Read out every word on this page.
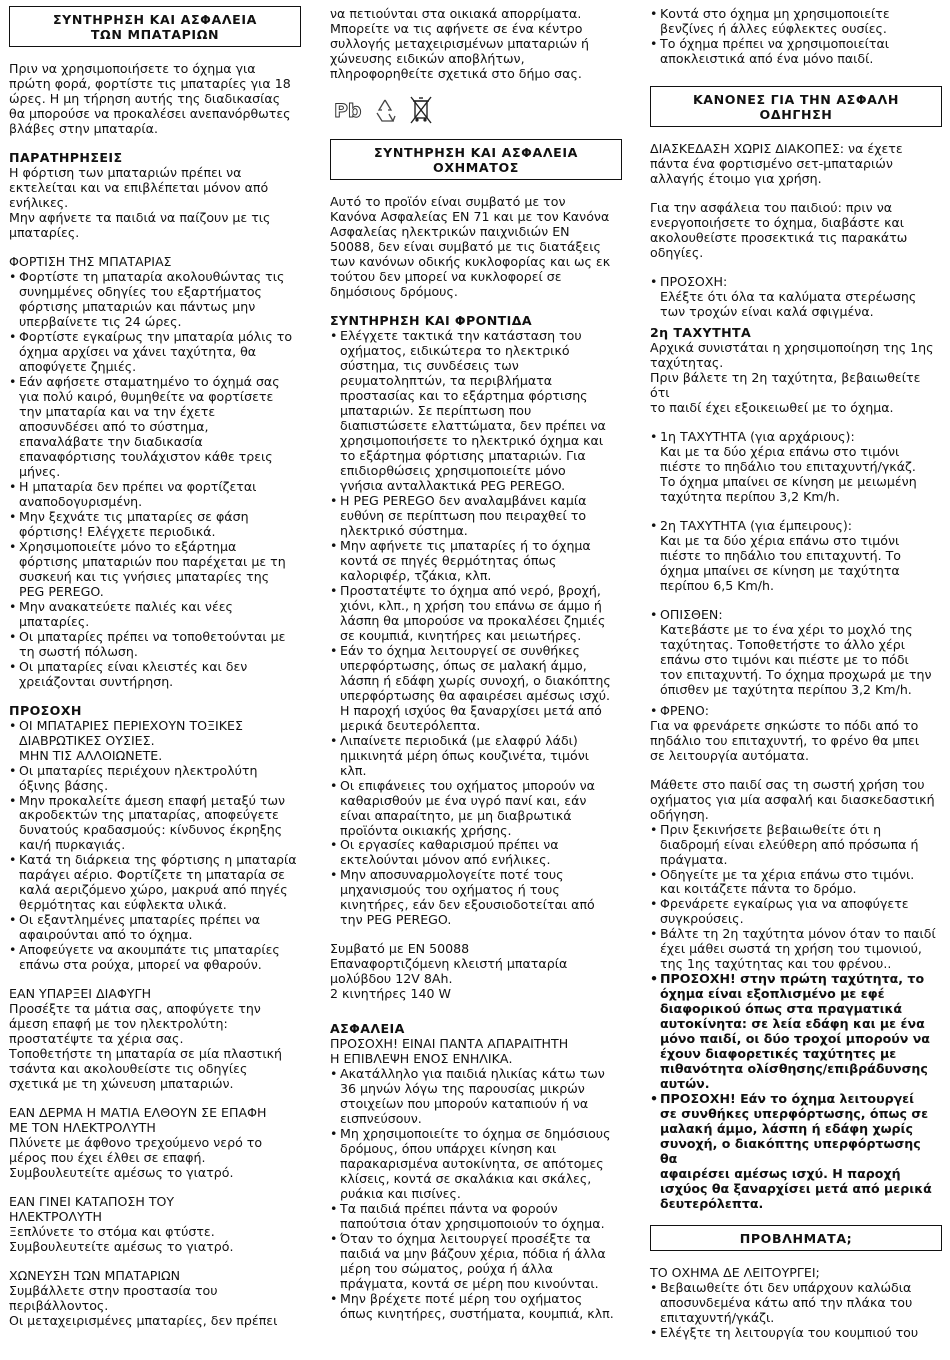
ΣΥΝΤΗΡΗΣΗ ΚΑΙ ΑΣΦΑΛΕΙΑ
ΤΩΝ ΜΠΑΤΑΡΙΩΝ
Πριν να χρησιμοποιήσετε το όχημα για
πρώτη φορά, φορτίστε τις μπαταρίες για 18
ώρες. Η μη τήρηση αυτής της διαδικασίας
θα μπορούσε να προκαλέσει ανεπανόρθωτες
βλάβες στην μπαταρία.
ΠΑΡΑΤΗΡΗΣΕΙΣ
Η φόρτιση των μπαταριών πρέπει να
εκτελείται και να επιβλέπεται μόνον από
ενήλικες.
Μην αφήνετε τα παιδιά να παίζουν με τις
μπαταρίες.
ΦΟΡΤΙΣΗ ΤΗΣ ΜΠΑΤΑΡΙΑΣ
• Φορτίστε τη μπαταρία ακολουθώντας τις
συνημμένες οδηγίες του εξαρτήματος
φόρτισης μπαταριών και πάντως μην
υπερβαίνετε τις 24 ώρες.
• Φορτίστε εγκαίρως την μπαταρία μόλις το
όχημα αρχίσει να χάνει ταχύτητα, θα
αποφύγετε ζημιές.
• Εάν αφήσετε σταματημένο το όχημά σας
για πολύ καιρό, θυμηθείτε να φορτίσετε
την μπαταρία και να την έχετε
αποσυνδέσει από το σύστημα,
επαναλάβατε την διαδικασία
επαναφόρτισης τουλάχιστον κάθε τρεις
μήνες.
• Η μπαταρία δεν πρέπει να φορτίζεται
αναποδογυρισμένη.
• Μην ξεχνάτε τις μπαταρίες σε φάση
φόρτισης! Ελέγχετε περιοδικά.
• Χρησιμοποιείτε μόνο το εξάρτημα
φόρτισης μπαταριών που παρέχεται με τη
συσκευή και τις γνήσιες μπαταρίες της
PEG PEREGO.
• Μην ανακατεύετε παλιές και νέες
μπαταρίες.
• Οι μπαταρίες πρέπει να τοποθετούνται με
τη σωστή πόλωση.
• Οι μπαταρίες είναι κλειστές και δεν
χρειάζονται συντήρηση.
ΠΡΟΣΟΧΗ
• ΟΙ ΜΠΑΤΑΡΙΕΣ ΠΕΡΙΕΧΟΥΝ ΤΟΞΙΚΕΣ
ΔΙΑΒΡΩΤΙΚΕΣ ΟΥΣΙΕΣ.
ΜΗΝ ΤΙΣ ΑΛΛΟΙΩΝΕΤΕ.
• Οι μπαταρίες περιέχουν ηλεκτρολύτη
όξινης βάσης.
• Μην προκαλείτε άμεση επαφή μεταξύ των
ακροδεκτών της μπαταρίας, αποφεύγετε
δυνατούς κραδασμούς: κίνδυνος έκρηξης
και/ή πυρκαγιάς.
• Κατά τη διάρκεια της φόρτισης η μπαταρία
παράγει αέριο. Φορτίζετε τη μπαταρία σε
καλά αεριζόμενο χώρο, μακρυά από πηγές
θερμότητας και εύφλεκτα υλικά.
• Οι εξαντλημένες μπαταρίες πρέπει να
αφαιρούνται από το όχημα.
• Αποφεύγετε να ακουμπάτε τις μπαταρίες
επάνω στα ρούχα, μπορεί να φθαρούν.
ΕΑΝ ΥΠΑΡΞΕΙ ΔΙΑΦΥΓΗ
Προσέξτε τα μάτια σας, αποφύγετε την
άμεση επαφή με τον ηλεκτρολύτη:
προστατέψτε τα χέρια σας.
Τοποθετήστε τη μπαταρία σε μία πλαστική
τσάντα και ακολουθείστε τις οδηγίες
σχετικά με τη χώνευση μπαταριών.
ΕΑΝ ΔΕΡΜΑ Η ΜΑΤΙΑ ΕΛΘΟΥΝ ΣΕ ΕΠΑΦΗ
ΜΕ ΤΟΝ ΗΛΕΚΤΡΟΛΥΤΗ
Πλύνετε με άφθονο τρεχούμενο νερό το
μέρος που έχει έλθει σε επαφή.
Συμβουλευτείτε αμέσως το γιατρό.
ΕΑΝ ΓΙΝΕΙ ΚΑΤΑΠΟΣΗ ΤΟΥ
ΗΛΕΚΤΡΟΛΥΤΗ
Ξεπλύνετε το στόμα και φτύστε.
Συμβουλευτείτε αμέσως το γιατρό.
ΧΩΝΕΥΣΗ ΤΩΝ ΜΠΑΤΑΡΙΩΝ
Συμβάλλετε στην προστασία του
περιβάλλοντος.
Οι μεταχειρισμένες μπαταρίες, δεν πρέπει
να πετιούνται στα οικιακά απορρίματα.
Μπορείτε να τις αφήνετε σε ένα κέντρο
συλλογής μεταχειρισμένων μπαταριών ή
χώνευσης ειδικών αποβλήτων,
πληροφορηθείτε σχετικά στο δήμο σας.
Pb
ΣΥΝΤΗΡΗΣΗ ΚΑΙ ΑΣΦΑΛΕΙΑ
ΟΧΗΜΑΤΟΣ
Αυτό το προϊόν είναι συμβατό με τον
Κανόνα Ασφαλείας EN 71 και με τον Κανόνα
Ασφαλείας ηλεκτρικών παιχνιδιών EN
50088, δεν είναι συμβατό με τις διατάξεις
των κανόνων οδικής κυκλοφορίας και ως εκ
τούτου δεν μπορεί να κυκλοφορεί σε
δημόσιους δρόμους.
ΣΥΝΤΗΡΗΣΗ ΚΑΙ ΦΡΟΝΤΙΔΑ
• Ελέγχετε τακτικά την κατάσταση του
οχήματος, ειδικώτερα το ηλεκτρικό
σύστημα, τις συνδέσεις των
ρευματοληπτών, τα περιβλήματα
προστασίας και το εξάρτημα φόρτισης
μπαταριών. Σε περίπτωση που
διαπιστώσετε ελαττώματα, δεν πρέπει να
χρησιμοποιήσετε το ηλεκτρικό όχημα και
το εξάρτημα φόρτισης μπαταριών. Για
επιδιορθώσεις χρησιμοποιείτε μόνο
γνήσια ανταλλακτικά PEG PEREGO.
• Η PEG PEREGO δεν αναλαμβάνει καμία
ευθύνη σε περίπτωση που πειραχθεί το
ηλεκτρικό σύστημα.
• Μην αφήνετε τις μπαταρίες ή το όχημα
κοντά σε πηγές θερμότητας όπως
καλοριφέρ, τζάκια, κλπ.
• Προστατέψτε το όχημα από νερό, βροχή,
χιόνι, κλπ., η χρήση του επάνω σε άμμο ή
λάσπη θα μπορούσε να προκαλέσει ζημιές
σε κουμπιά, κινητήρες και μειωτήρες.
• Εάν το όχημα λειτουργεί σε συνθήκες
υπερφόρτωσης, όπως σε μαλακή άμμο,
λάσπη ή εδάφη χωρίς συνοχή, ο διακόπτης
υπερφόρτωσης θα αφαιρέσει αμέσως ισχύ.
Η παροχή ισχύος θα ξαναρχίσει μετά από
μερικά δευτερόλεπτα.
• Λιπαίνετε περιοδικά (με ελαφρύ λάδι)
ημικινητά μέρη όπως κουζινέτα, τιμόνι
κλπ.
• Οι επιφάνειες του οχήματος μπορούν να
καθαρισθούν με ένα υγρό πανί και, εάν
είναι απαραίτητο, με μη διαβρωτικά
προϊόντα οικιακής χρήσης.
• Οι εργασίες καθαρισμού πρέπει να
εκτελούνται μόνον από ενήλικες.
• Μην αποσυναρμολογείτε ποτέ τους
μηχανισμούς του οχήματος ή τους
κινητήρες, εάν δεν εξουσιοδοτείται από
την PEG PEREGO.
Συμβατό με EN 50088
Επαναφορτιζόμενη κλειστή μπαταρία
μολύβδου 12V 8Ah.
2 κινητήρες 140 W
ΑΣΦΑΛΕΙΑ
ΠΡΟΣΟΧΗ! ΕΙΝΑΙ ΠΑΝΤΑ ΑΠΑΡΑΙΤΗΤΗ
Η ΕΠΙΒΛΕΨΗ ΕΝΟΣ ΕΝΗΛΙΚΑ.
• Ακατάλληλο για παιδιά ηλικίας κάτω των
36 μηνών λόγω της παρουσίας μικρών
στοιχείων που μπορούν καταπιούν ή να
εισπνεύσουν.
• Μη χρησιμοποιείτε το όχημα σε δημόσιους
δρόμους, όπου υπάρχει κίνηση και
παρακαρισμένα αυτοκίνητα, σε απότομες
κλίσεις, κοντά σε σκαλάκια και σκάλες,
ρυάκια και πισίνες.
• Τα παιδιά πρέπει πάντα να φορούν
παπούτσια όταν χρησιμοποιούν το όχημα.
• Όταν το όχημα λειτουργεί προσέξτε τα
παιδιά να μην βάζουν χέρια, πόδια ή άλλα
μέρη του σώματος, ρούχα ή άλλα
πράγματα, κοντά σε μέρη που κινούνται.
• Μην βρέχετε ποτέ μέρη του οχήματος
όπως κινητήρες, συστήματα, κουμπιά, κλπ.
• Κοντά στο όχημα μη χρησιμοποιείτε
βενζίνες ή άλλες εύφλεκτες ουσίες.
• Το όχημα πρέπει να χρησιμοποιείται
αποκλειστικά από ένα μόνο παιδί.
ΚΑΝΟΝΕΣ ΓΙΑ ΤΗΝ ΑΣΦΑΛΗ
ΟΔΗΓΗΣΗ
ΔΙΑΣΚΕΔΑΣΗ ΧΩΡΙΣ ΔΙΑΚΟΠΕΣ: να έχετε
πάντα ένα φορτισμένο σετ-μπαταριών
αλλαγής έτοιμο για χρήση.
Για την ασφάλεια του παιδιού: πριν να
ενεργοποιήσετε το όχημα, διαβάστε και
ακολουθείστε προσεκτικά τις παρακάτω
οδηγίες.
• ΠΡΟΣΟΧΗ:
Ελέξτε ότι όλα τα καλύματα στερέωσης
των τροχών είναι καλά σφιγμένα.
2η ΤΑΧΥΤΗΤΑ
Αρχικά συνιστάται η χρησιμοποίηση της 1ης
ταχύτητας.
Πριν βάλετε τη 2η ταχύτητα, βεβαιωθείτε ότι
το παιδί έχει εξοικειωθεί με το όχημα.
• 1η ΤΑΧΥΤΗΤΑ (για αρχάριους):
Και με τα δύο χέρια επάνω στο τιμόνι
πιέστε το πηδάλιο του επιταχυντή/γκάζ.
Το όχημα μπαίνει σε κίνηση με μειωμένη
ταχύτητα περίπου 3,2 Km/h.
• 2η ΤΑΧΥΤΗΤΑ (για έμπειρους):
Και με τα δύο χέρια επάνω στο τιμόνι
πιέστε το πηδάλιο του επιταχυντή. Το
όχημα μπαίνει σε κίνηση με ταχύτητα
περίπου 6,5 Km/h.
• ΟΠΙΣΘΕΝ:
Κατεβάστε με το ένα χέρι το μοχλό της
ταχύτητας. Τοποθετήστε το άλλο χέρι
επάνω στο τιμόνι και πιέστε με το πόδι
τον επιταχυντή. Το όχημα προχωρά με την
όπισθεν με ταχύτητα περίπου 3,2 Km/h.
• ΦΡΕΝΟ:
Για να φρενάρετε σηκώστε το πόδι από το
πηδάλιο του επιταχυντή, το φρένο θα μπει
σε λειτουργία αυτόματα.
Μάθετε στο παιδί σας τη σωστή χρήση του
οχήματος για μία ασφαλή και διασκεδαστική
οδήγηση.
• Πριν ξεκινήσετε βεβαιωθείτε ότι η
διαδρομή είναι ελεύθερη από πρόσωπα ή
πράγματα.
• Οδηγείτε με τα χέρια επάνω στο τιμόνι.
και κοιτάζετε πάντα το δρόμο.
• Φρενάρετε εγκαίρως για να αποφύγετε
συγκρούσεις.
• Βάλτε τη 2η ταχύτητα μόνον όταν το παιδί
έχει μάθει σωστά τη χρήση του τιμονιού,
της 1ης ταχύτητας και του φρένου..
• ΠΡΟΣΟΧΗ! στην πρώτη ταχύτητα, το
όχημα είναι εξοπλισμένο με εφέ
διαφορικού όπως στα πραγματικά
αυτοκίνητα: σε λεία εδάφη και με ένα
μόνο παιδί, οι δύο τροχοί μπορούν να
έχουν διαφορετικές ταχύτητες με
πιθανότητα ολίσθησης/επιβράδυνσης
αυτών.
• ΠΡΟΣΟΧΗ! Εάν το όχημα λειτουργεί
σε συνθήκες υπερφόρτωσης, όπως σε
μαλακή άμμο, λάσπη ή εδάφη χωρίς
συνοχή, ο διακόπτης υπερφόρτωσης θα
αφαιρέσει αμέσως ισχύ. Η παροχή
ισχύος θα ξαναρχίσει μετά από μερικά
δευτερόλεπτα.
ΠΡΟΒΛΗΜΑΤΑ;
ΤΟ ΟΧΗΜΑ ΔΕ ΛΕΙΤΟΥΡΓΕΙ;
• Βεβαιωθείτε ότι δεν υπάρχουν καλώδια
αποσυνδεμένα κάτω από την πλάκα του
επιταχυντή/γκάζι.
• Ελέγξτε τη λειτουργία του κουμπιού του
